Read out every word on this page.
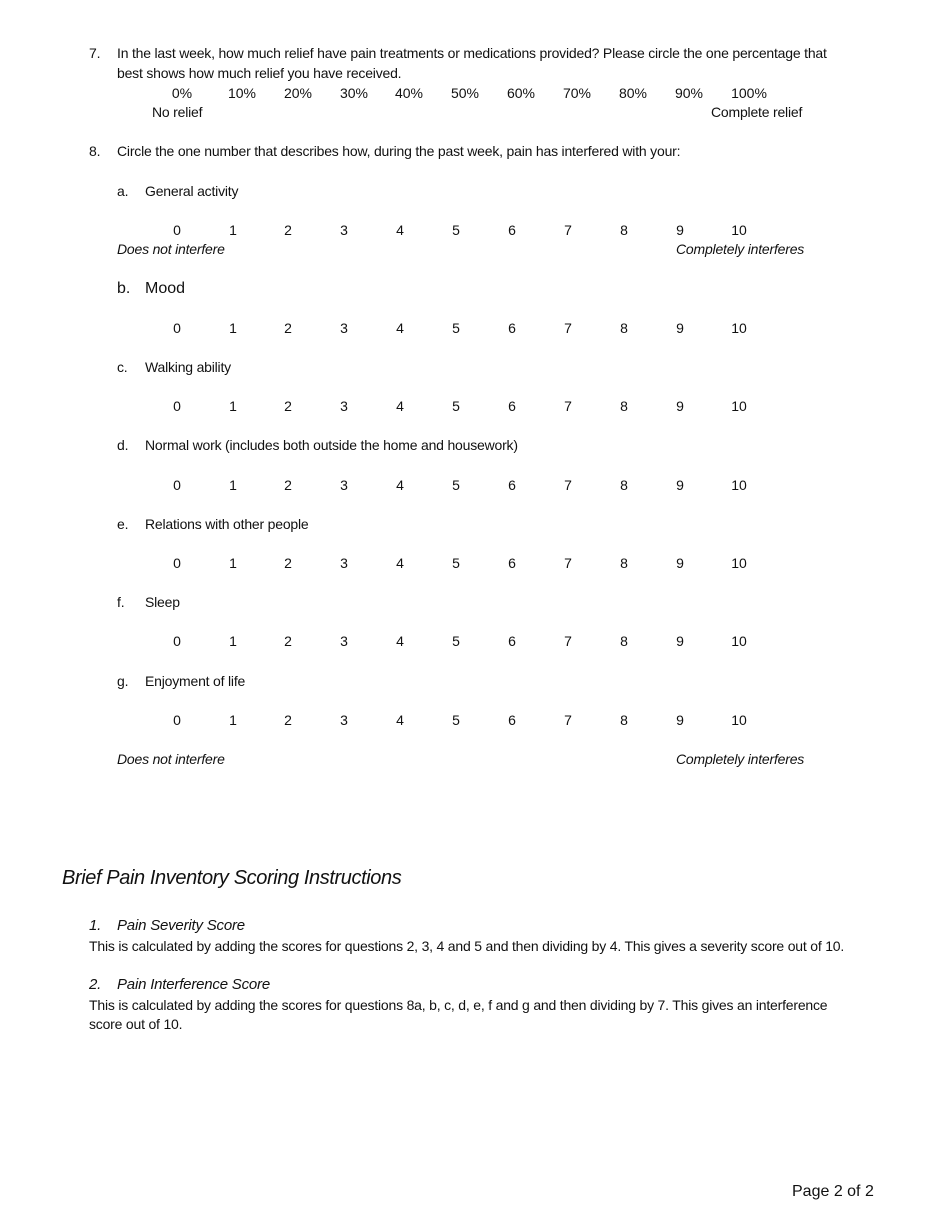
7. In the last week, how much relief have pain treatments or medications provided? Please circle the one percentage that
best shows how much relief you have received.
0%	10%	20%	30%	40%	50%	60%	70%	80%	90%	100%
No relief	Complete relief
8. Circle the one number that describes how, during the past week, pain has interfered with your:
a. General activity
0	1	2	3	4	5	6	7	8	9	10
Does not interfere	Completely interferes
b. Mood
0	1	2	3	4	5	6	7	8	9	10
c. Walking ability
0	1	2	3	4	5	6	7	8	9	10
d. Normal work (includes both outside the home and housework)
0	1	2	3	4	5	6	7	8	9	10
e. Relations with other people
0	1	2	3	4	5	6	7	8	9	10
f. Sleep
0	1	2	3	4	5	6	7	8	9	10
g. Enjoyment of life
0	1	2	3	4	5	6	7	8	9	10
Does not interfere	Completely interferes
Brief Pain Inventory Scoring Instructions
1. Pain Severity Score
This is calculated by adding the scores for questions 2, 3, 4 and 5 and then dividing by 4. This gives a severity score out of 10.
2. Pain Interference Score
This is calculated by adding the scores for questions 8a, b, c, d, e, f and g and then dividing by 7. This gives an interference score out of 10.
Page 2 of 2
